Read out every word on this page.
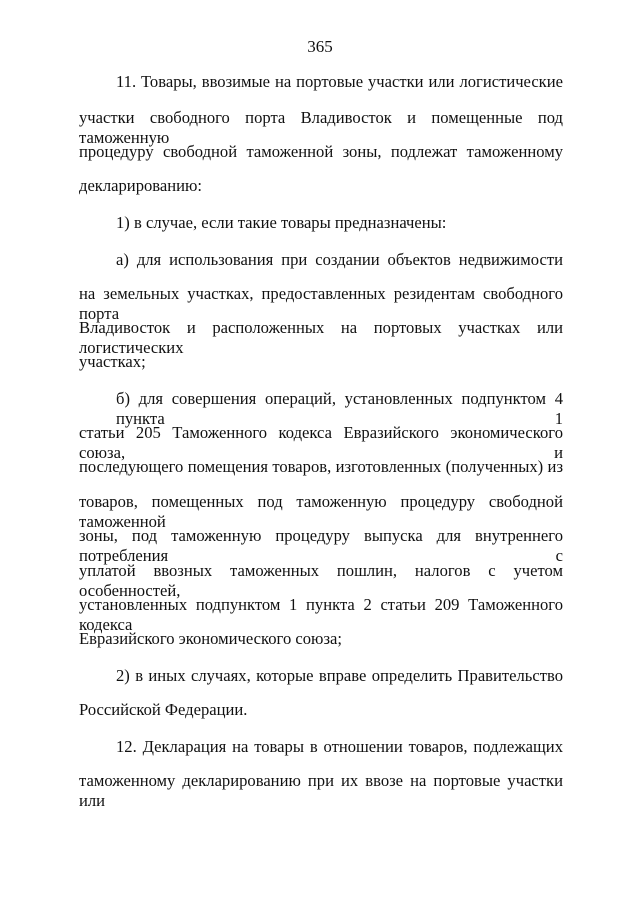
365
11. Товары, ввозимые на портовые участки или логистические
участки свободного порта Владивосток и помещенные под таможенную
процедуру свободной таможенной зоны, подлежат таможенному
декларированию:
1) в случае, если такие товары предназначены:
а) для использования при создании объектов недвижимости
на земельных участках, предоставленных резидентам свободного порта
Владивосток и расположенных на портовых участках или логистических
участках;
б) для совершения операций, установленных подпунктом 4 пункта 1
статьи 205 Таможенного кодекса Евразийского экономического союза, и
последующего помещения товаров, изготовленных (полученных) из
товаров, помещенных под таможенную процедуру свободной таможенной
зоны, под таможенную процедуру выпуска для внутреннего потребления с
уплатой ввозных таможенных пошлин, налогов с учетом особенностей,
установленных подпунктом 1 пункта 2 статьи 209 Таможенного кодекса
Евразийского экономического союза;
2) в иных случаях, которые вправе определить Правительство
Российской Федерации.
12. Декларация на товары в отношении товаров, подлежащих
таможенному декларированию при их ввозе на портовые участки или
